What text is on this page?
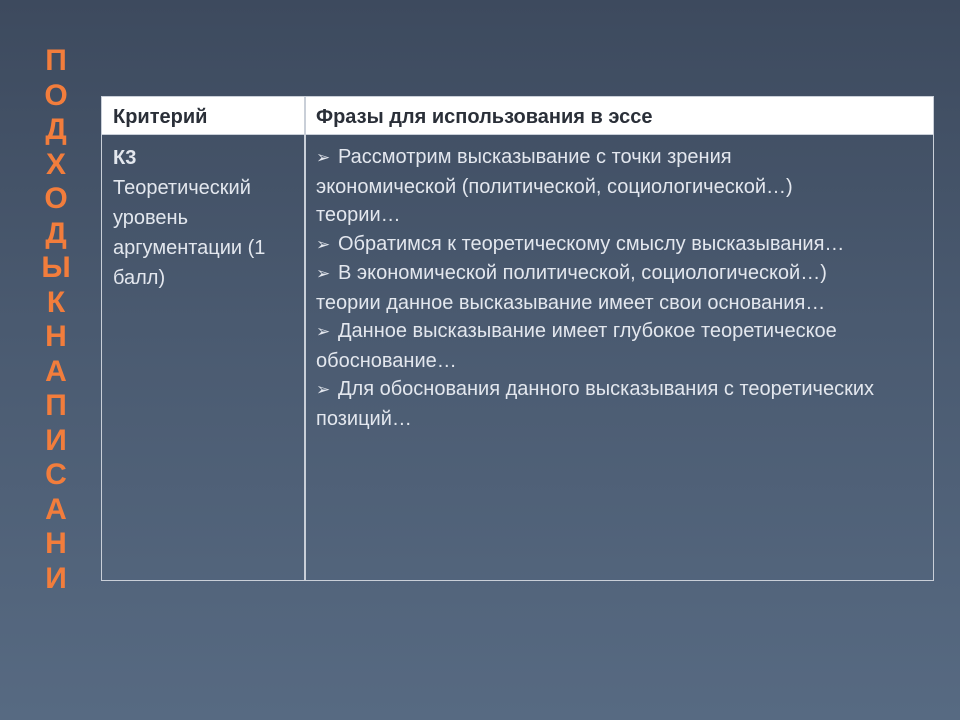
П
О
Д
Х
О
Д
Ы
К
Н
А
П
И
С
А
Н
И
Критерий	Фразы для использования в эссе
К3
Теоретический уровень аргументации (1 балл)
➢ Рассмотрим высказывание с точки зрения экономической (политической, социологической…) теории…
➢ Обратимся к теоретическому смыслу высказывания…
➢ В экономической политической, социологической…) теории данное высказывание имеет свои основания…
➢ Данное высказывание имеет глубокое теоретическое обоснование…
➢ Для обоснования данного высказывания с теоретических позиций…
